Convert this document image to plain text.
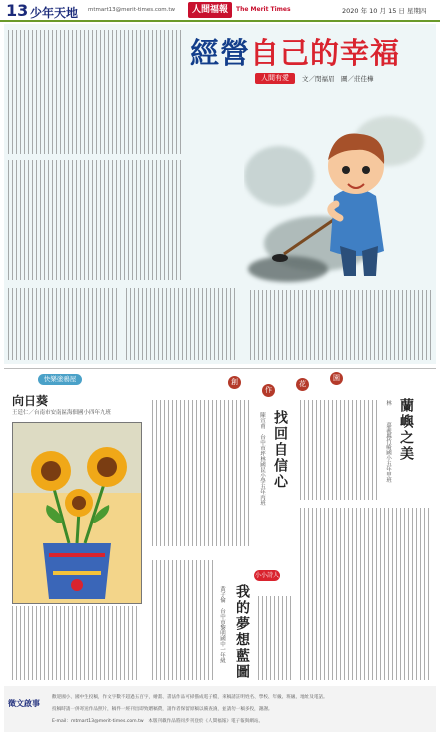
13 少年天地 mtmart13@merit-times.com.tw	人間福報	The Merit Times	2020 年 10 月 15 日 星期四
經營自己的幸福
人間有愛	文／閔福眉　圖／莊佳樺
快樂塗鴉屋
向日葵
王廷仁／台南市安南區海佃國小四年九班
創
作
花
園
蘭嶼之美
林　　　嘉義縣竹崎國小五年甲班
找回自信心
陳宣甫　台中市坪林國民小學五年丙班
小小詩人
我的夢想藍圖
黃子倫　台中市黎明國中一年級
徵文啟事
歡迎國小、國中生投稿，作文字數不超過五百字，繪畫、書法作品可掃描成電子檔，來稿請註明姓名、學校、年級、班級、地址及電話。
投稿時請一併寄送作品照片，稿件一經刊出即致贈稿費，請作者保留原稿以備查詢，並請勿一稿多投，謝謝。
E-mail：mtmart13@merit-times.com.tw　本版刊載作品將同步刊登於《人間福報》電子報與網站。
